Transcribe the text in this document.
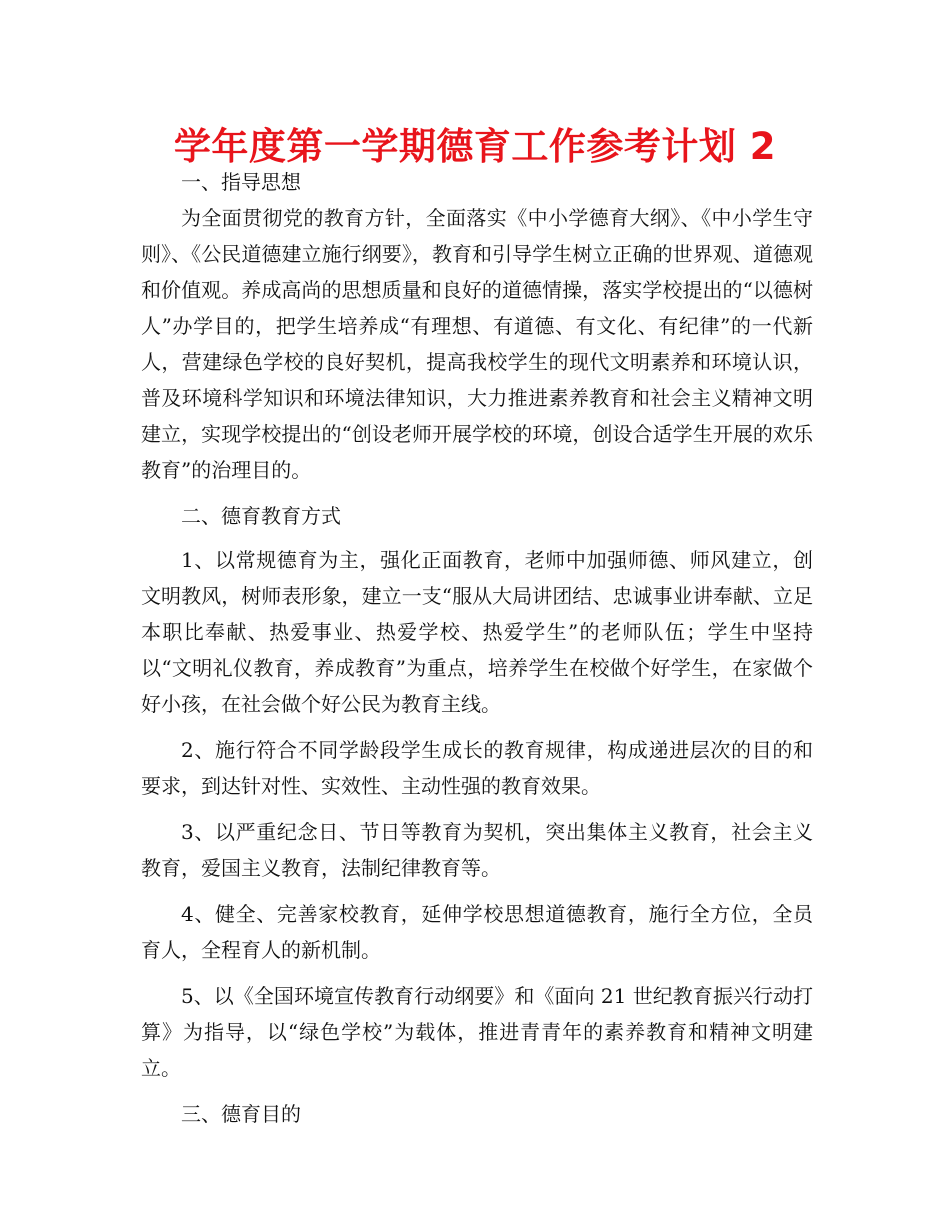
学年度第一学期德育工作参考计划 2

一、指导思想

为全面贯彻党的教育方针，全面落实《中小学德育大纲》、《中小学生守则》、《公民道德建立施行纲要》，教育和引导学生树立正确的世界观、道德观和价值观。养成高尚的思想质量和良好的道德情操，落实学校提出的“以德树人”办学目的，把学生培养成“有理想、有道德、有文化、有纪律”的一代新人，营建绿色学校的良好契机，提高我校学生的现代文明素养和环境认识，普及环境科学知识和环境法律知识，大力推进素养教育和社会主义精神文明建立，实现学校提出的“创设老师开展学校的环境，创设合适学生开展的欢乐教育”的治理目的。

二、德育教育方式

1、以常规德育为主，强化正面教育，老师中加强师德、师风建立，创文明教风，树师表形象，建立一支“服从大局讲团结、忠诚事业讲奉献、立足本职比奉献、热爱事业、热爱学校、热爱学生”的老师队伍；学生中坚持以“文明礼仪教育，养成教育”为重点，培养学生在校做个好学生，在家做个好小孩，在社会做个好公民为教育主线。

2、施行符合不同学龄段学生成长的教育规律，构成递进层次的目的和要求，到达针对性、实效性、主动性强的教育效果。

3、以严重纪念日、节日等教育为契机，突出集体主义教育，社会主义教育，爱国主义教育，法制纪律教育等。

4、健全、完善家校教育，延伸学校思想道德教育，施行全方位，全员育人，全程育人的新机制。

5、以《全国环境宣传教育行动纲要》和《面向 21 世纪教育振兴行动打算》为指导，以“绿色学校”为载体，推进青青年的素养教育和精神文明建立。

三、德育目的
